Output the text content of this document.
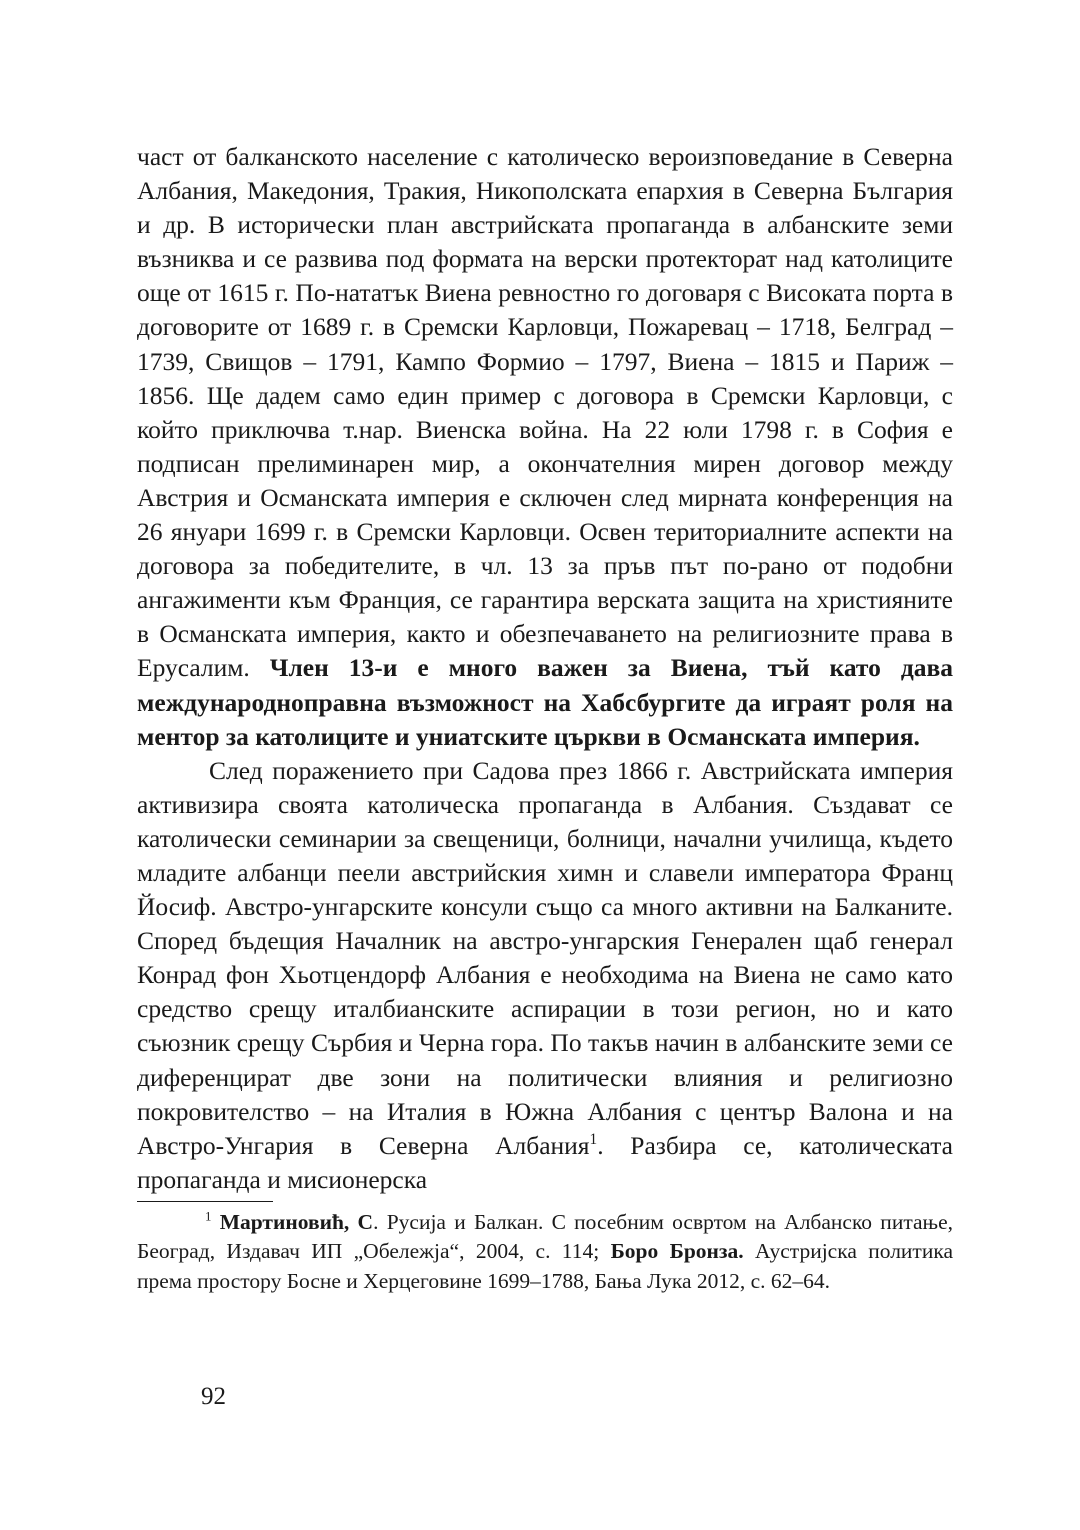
част от балканското население с католическо вероизповедание в Северна Албания, Македония, Тракия, Никополската епархия в Северна България и др. В исторически план австрийската пропаганда в албанските земи възниква и се развива под формата на верски протекторат над католиците още от 1615 г. По-нататък Виена ревностно го договаря с Високата порта в договорите от 1689 г. в Сремски Карловци, Пожаревац – 1718, Белград – 1739, Свищов – 1791, Кампо Формио – 1797, Виена – 1815 и Париж – 1856. Ще дадем само един пример с договора в Сремски Карловци, с който приключва т.нар. Виенска война. На 22 юли 1798 г. в София е подписан прелиминарен мир, а окончателния мирен договор между Австрия и Османската империя е сключен след мирната конференция на 26 януари 1699 г. в Сремски Карловци. Освен териториалните аспекти на договора за победителите, в чл. 13 за пръв път по-рано от подобни ангажименти към Франция, се гарантира верската защита на християните в Османската империя, както и обезпечаването на религиозните права в Ерусалим. Член 13-и е много важен за Виена, тъй като дава международноправна възможност на Хабсбургите да играят роля на ментор за католиците и униатските църкви в Османската империя.

След поражението при Садова през 1866 г. Австрийската империя активизира своята католическа пропаганда в Албания. Създават се католически семинарии за свещеници, болници, начални училища, където младите албанци пеели австрийския химн и славели императора Франц Йосиф. Австро-унгарските консули също са много активни на Балканите. Според бъдещия Началник на австро-унгарския Генерален щаб генерал Конрад фон Хьотцендорф Албания е необходима на Виена не само като средство срещу италбианските аспирации в този регион, но и като съюзник срещу Сърбия и Черна гора. По такъв начин в албанските земи се диференцират две зони на политически влияния и религиозно покровителство – на Италия в Южна Албания с център Валона и на Австро-Унгария в Северна Албания$^1$. Разбира се, католическата пропаганда и мисионерска

$^1$ Мартиновић, С. Русија и Балкан. С посебним освртом на Албанско питање, Београд, Издавач ИП „Обележја“, 2004, с. 114; Боро Бронза. Аустријска политика према простору Босне и Херцеговине 1699–1788, Бања Лука 2012, с. 62–64.

92
